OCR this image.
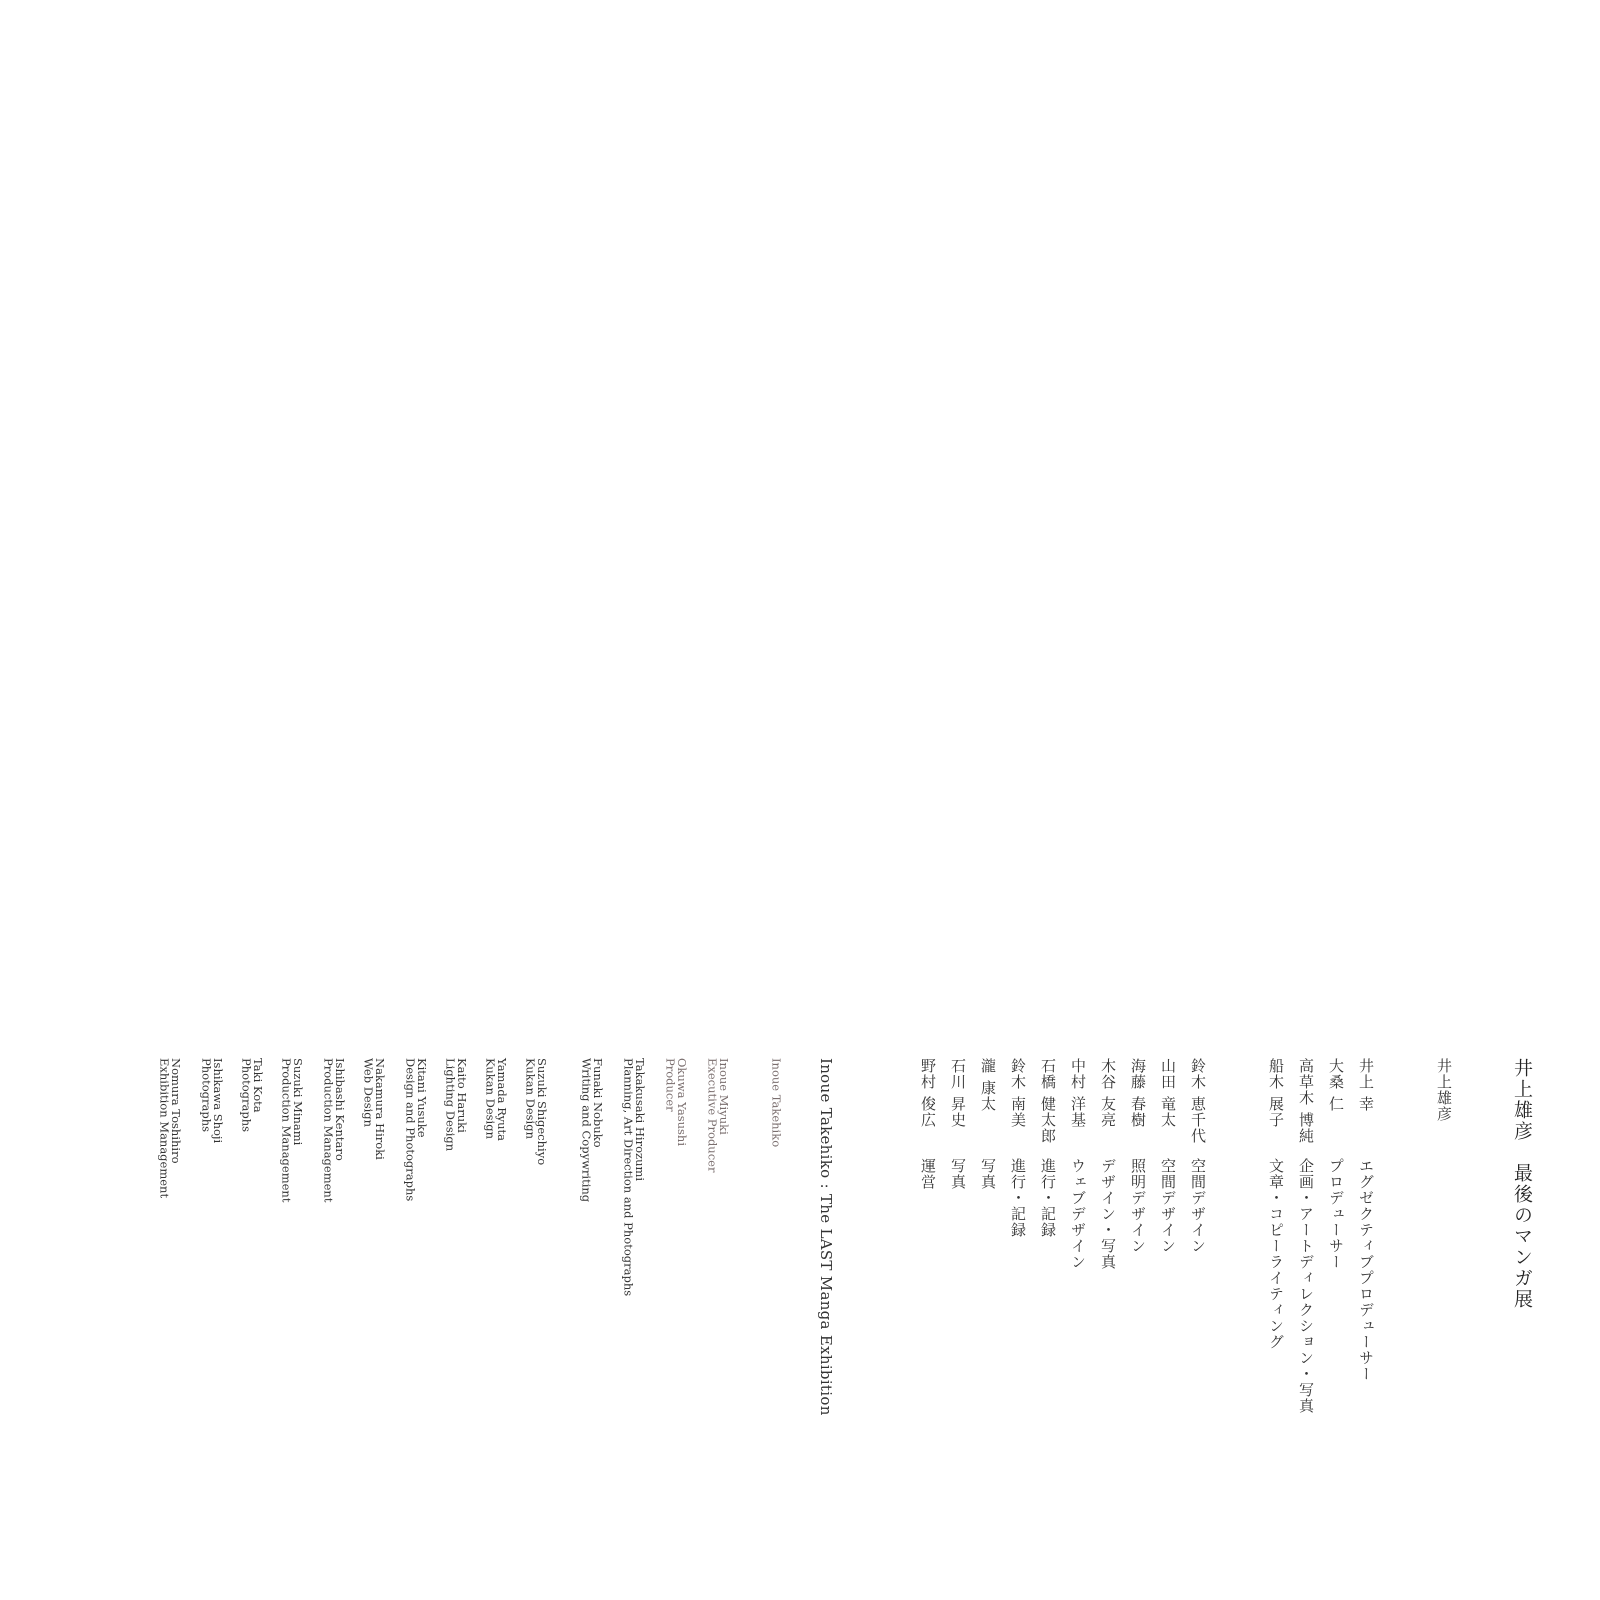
井上雄彦　最後のマンガ展
井上雄彦
井上 幸
エグゼクティブプロデューサー
大桑 仁
プロデューサー
高草木 博純
企画・アートディレクション・写真
船木 展子
文章・コピーライティング
鈴木 恵千代
空間デザイン
山田 竜太
空間デザイン
海藤 春樹
照明デザイン
木谷 友亮
デザイン・写真
中村 洋基
ウェブデザイン
石橋 健太郎
進行・記録
鈴木 南美
進行・記録
瀧 康太
写真
石川 昇史
写真
野村 俊広
運営
Inoue Takehiko : The LAST Manga Exhibition
Inoue Takehiko
Inoue Miyuki
Executive Producer
Okuwa Yasushi
Producer
Takakusaki Hirozumi
Planning, Art Direction and Photographs
Funaki Nobuko
Writing and Copywriting
Suzuki Shigechiyo
Kukan Design
Yamada Ryuta
Kukan Design
Kaito Haruki
Lighting Design
Kitani Yusuke
Design and Photographs
Nakamura Hiroki
Web Design
Ishibashi Kentaro
Production Management
Suzuki Minami
Production Management
Taki Kota
Photographs
Ishikawa Shoji
Photographs
Nomura Toshihiro
Exhibition Management
